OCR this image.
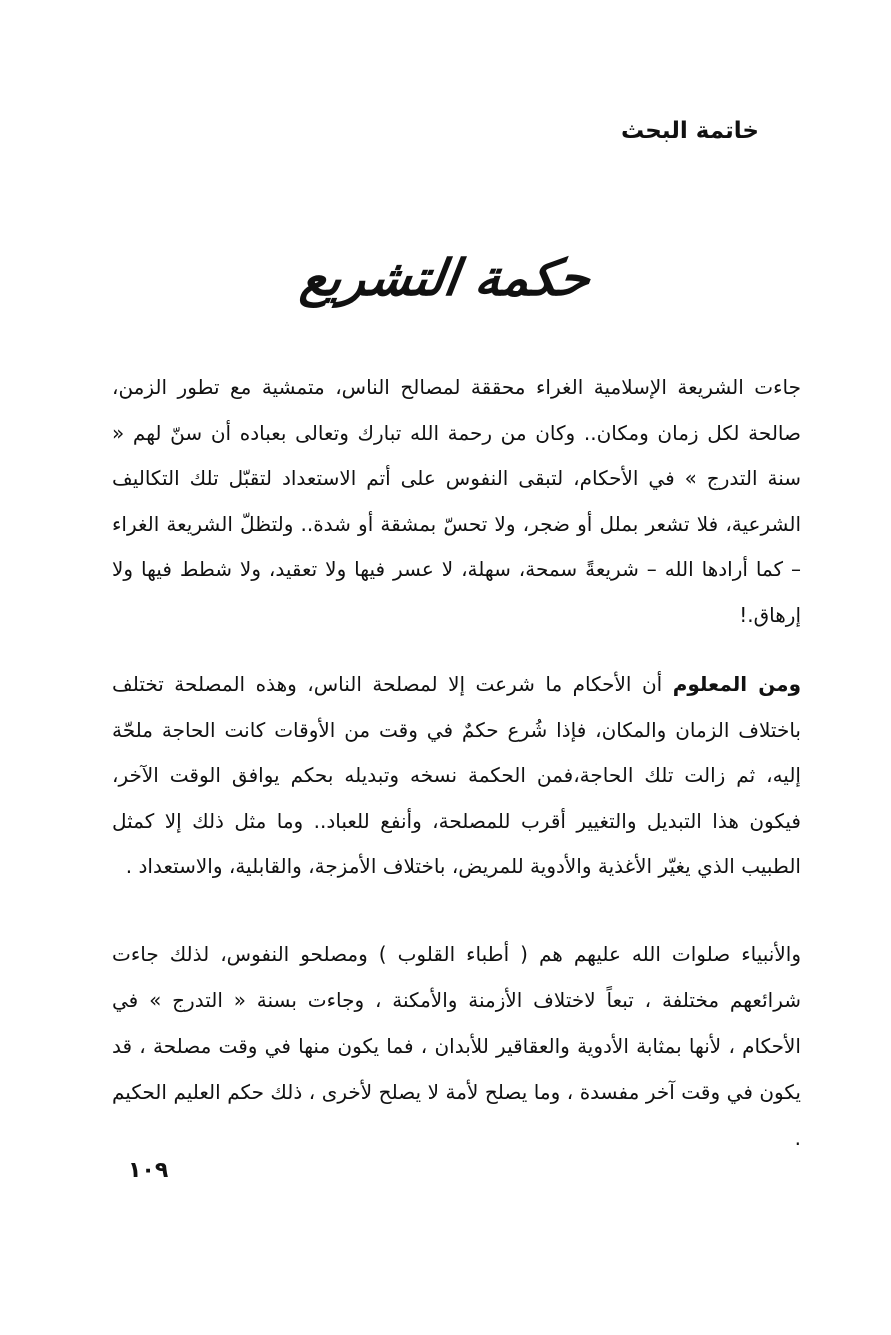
خاتمة البحث
حكمة التشريع

جاءت الشريعة الإسلامية الغراء محققة لمصالح الناس، متمشية مع تطور الزمن، صالحة لكل زمان ومكان.. وكان من رحمة الله تبارك وتعالى بعباده أن سنّ لهم « سنة التدرج » في الأحكام، لتبقى النفوس على أتم الاستعداد لتقبّل تلك التكاليف الشرعية، فلا تشعر بملل أو ضجر، ولا تحسّ بمشقة أو شدة.. ولتظلّ الشريعة الغراء – كما أرادها الله – شريعةً سمحة، سهلة، لا عسر فيها ولا تعقيد، ولا شطط فيها ولا إرهاق.!

ومن المعلوم أن الأحكام ما شرعت إلا لمصلحة الناس، وهذه المصلحة تختلف باختلاف الزمان والمكان، فإذا شُرع حكمٌ في وقت من الأوقات كانت الحاجة ملحّة إليه، ثم زالت تلك الحاجة،فمن الحكمة نسخه وتبديله بحكم يوافق الوقت الآخر، فيكون هذا التبديل والتغيير أقرب للمصلحة، وأنفع للعباد.. وما مثل ذلك إلا كمثل الطبيب الذي يغيّر الأغذية والأدوية للمريض، باختلاف الأمزجة، والقابلية، والاستعداد .

والأنبياء صلوات الله عليهم هم ( أطباء القلوب ) ومصلحو النفوس، لذلك جاءت شرائعهم مختلفة ، تبعاً لاختلاف الأزمنة والأمكنة ، وجاءت بسنة « التدرج » في الأحكام ، لأنها بمثابة الأدوية والعقاقير للأبدان ، فما يكون منها في وقت مصلحة ، قد يكون في وقت آخر مفسدة ، وما يصلح لأمة لا يصلح لأخرى ، ذلك حكم العليم الحكيم .

١٠٩
